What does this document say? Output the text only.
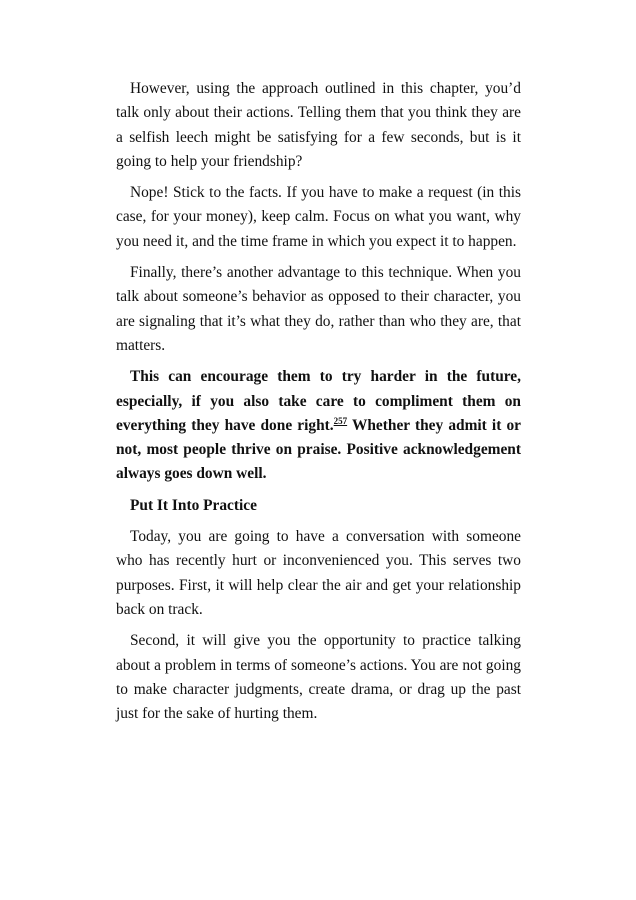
However, using the approach outlined in this chapter, you’d talk only about their actions. Telling them that you think they are a selfish leech might be satisfying for a few seconds, but is it going to help your friendship?

Nope! Stick to the facts. If you have to make a request (in this case, for your money), keep calm. Focus on what you want, why you need it, and the time frame in which you expect it to happen.

Finally, there’s another advantage to this technique. When you talk about someone’s behavior as opposed to their character, you are signaling that it’s what they do, rather than who they are, that matters.

This can encourage them to try harder in the future, especially, if you also take care to compliment them on everything they have done right.$^{257}$ Whether they admit it or not, most people thrive on praise. Positive acknowledgement always goes down well.

Put It Into Practice

Today, you are going to have a conversation with someone who has recently hurt or inconvenienced you. This serves two purposes. First, it will help clear the air and get your relationship back on track.

Second, it will give you the opportunity to practice talking about a problem in terms of someone’s actions. You are not going to make character judgments, create drama, or drag up the past just for the sake of hurting them.
